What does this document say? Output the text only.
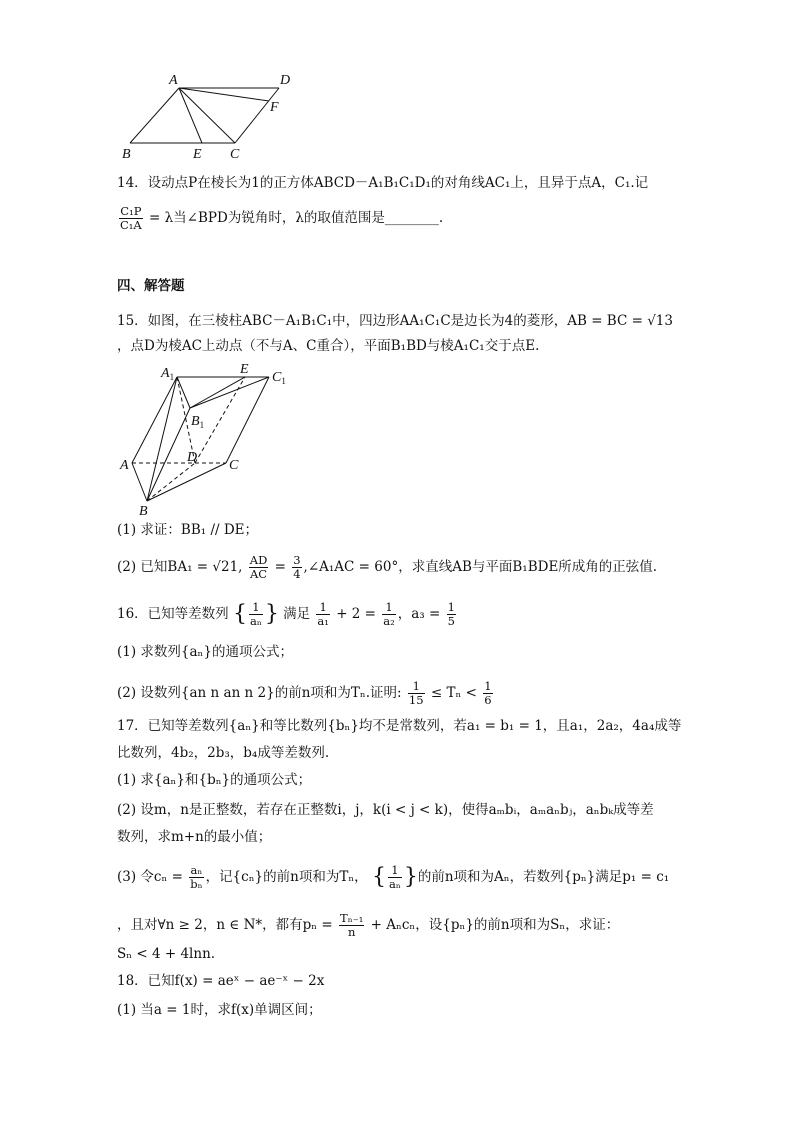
A	D
F
B	E C
14．设动点P在棱长为1的正方体ABCD－A₁B₁C₁D₁的对角线AC₁上，且异于点A，C₁.记
$\frac{\text{C₁P}}{\text{C₁A}} = \lambda$当∠BPD为锐角时，λ的取值范围是________.
四、解答题
15．如图，在三棱柱ABC－A₁B₁C₁中，四边形AA₁C₁C是边长为4的菱形，AB = BC = √13
，点D为棱AC上动点（不与A、C重合），平面B₁BD与棱A₁C₁交于点E.
$A_1$	E
$C_1$
$B_1$
A
D
C
B
(1) 求证：BB₁ // DE；
(2) 已知BA₁ = √21, $\frac{AD}{AC} = \frac{3}{4}$ ,∠A₁AC = 60°，求直线AB与平面B₁BDE所成角的正弦值.
16．已知等差数列 { $\frac{1}{\text{aₙ}}$ } 满足 $\frac{1}{\text{a₁}} + 2 = \frac{1}{\text{a₂}}$ ，$a_3 = \frac{1}{5}$
(1) 求数列{aₙ}的通项公式；
(2) 设数列{an n an n 2}的前n项和为Tₙ.证明: $\frac{1}{15} \le T_n < \frac{1}{6}$
17．已知等差数列{aₙ}和等比数列{bₙ}均不是常数列，若a₁ = b₁ = 1，且a₁，2a₂，4a₄成等
比数列，4b₂，2b₃，b₄成等差数列.
(1) 求{aₙ}和{bₙ}的通项公式；
(2) 设m，n是正整数，若存在正整数i，j，k(i < j < k)，使得aₘbᵢ，aₘaₙbⱼ，aₙbₖ成等差
数列，求m+n的最小值；
(3) 令$c_n = \frac{\text{aₙ}}{\text{bₙ}}$ ，记{cₙ}的前n项和为Tₙ， { $\frac{1}{\text{aₙ}}$ }的前n项和为Aₙ，若数列{pₙ}满足p₁ = c₁
，且对∀n ≥ 2，n ∈ N*，都有$p_n = \frac{\text{Tₙ₋₁}}{n} + A_nc_n$，设{pₙ}的前n项和为Sₙ，求证：
Sₙ < 4 + 4lnn.
18．已知f(x) = aeˣ − ae⁻ˣ − 2x
(1) 当a = 1时，求f(x)单调区间；
